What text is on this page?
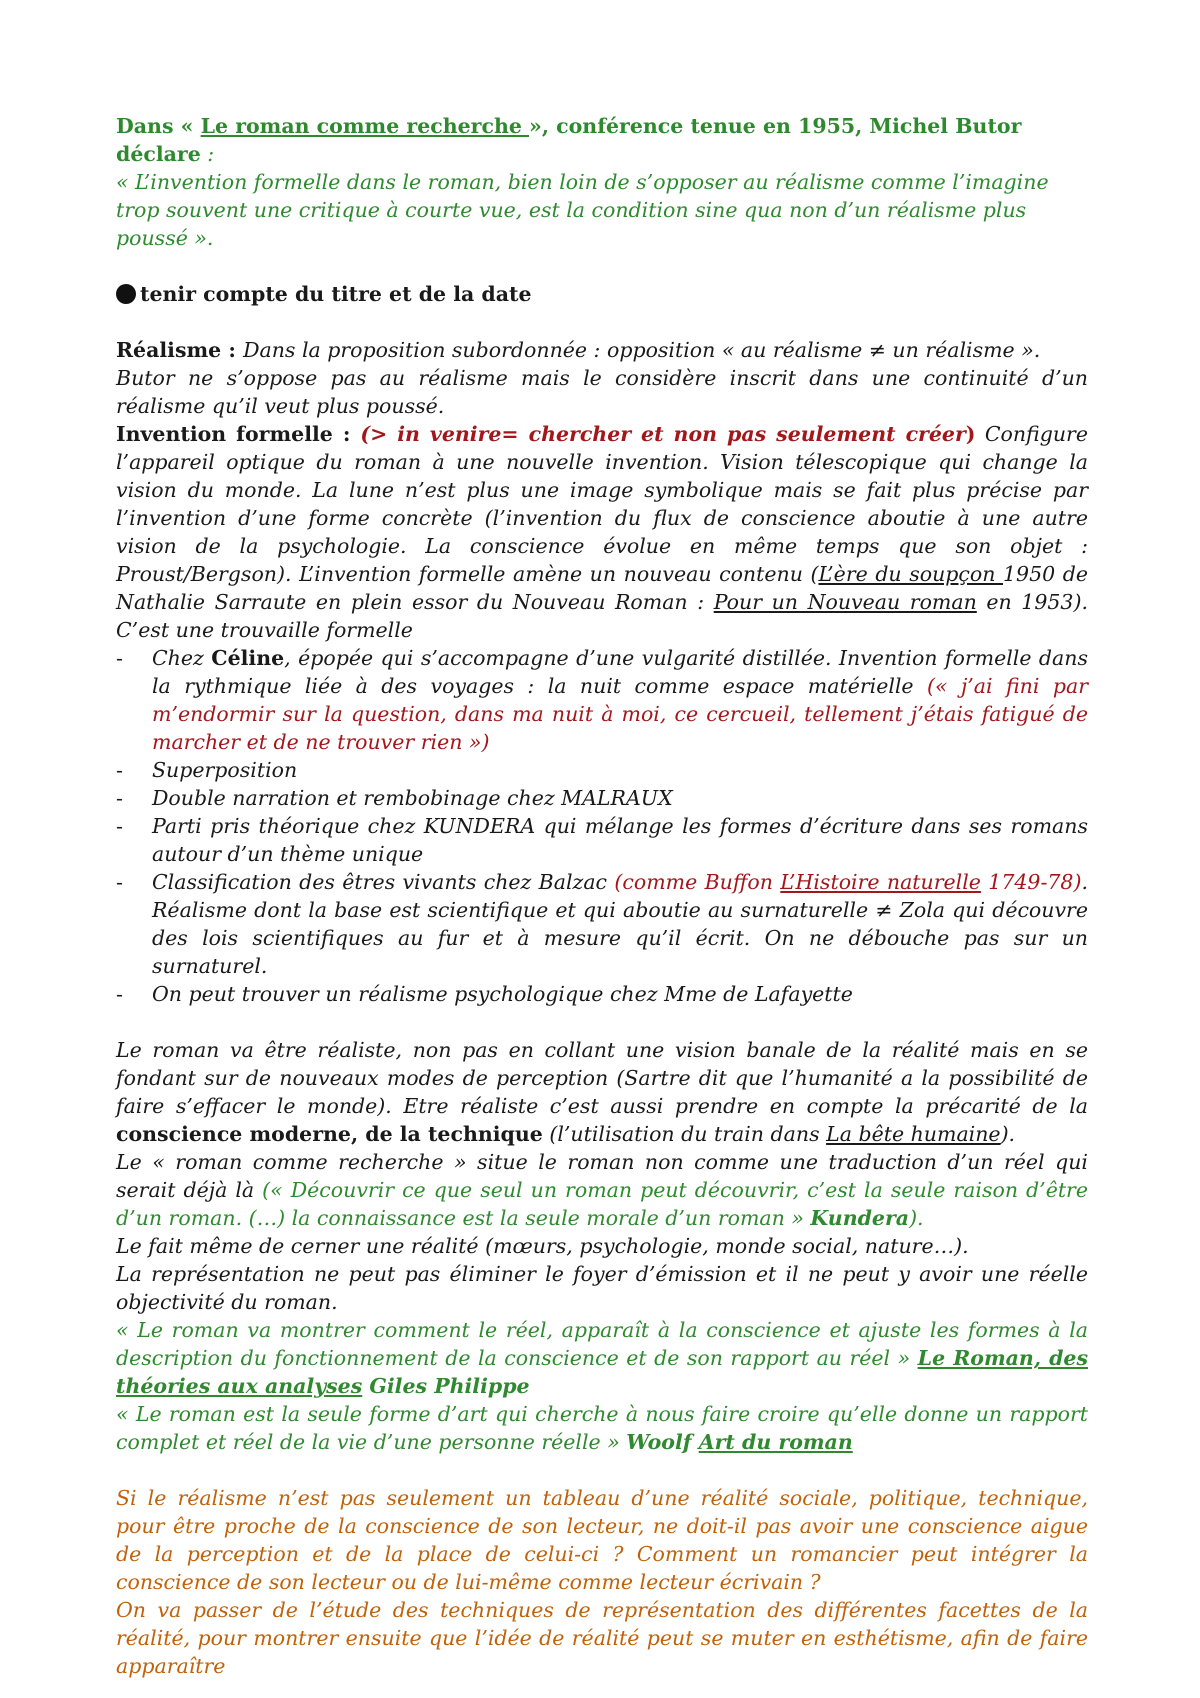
Dans « Le roman comme recherche », conférence tenue en 1955, Michel Butor déclare :

« L’invention formelle dans le roman, bien loin de s’opposer au réalisme comme l’imagine trop souvent une critique à courte vue, est la condition sine qua non d’un réalisme plus poussé ».

tenir compte du titre et de la date

Réalisme : Dans la proposition subordonnée : opposition « au réalisme ≠ un réalisme ».

Butor ne s’oppose pas au réalisme mais le considère inscrit dans une continuité d’un réalisme qu’il veut plus poussé.

Invention formelle : (> in venire= chercher et non pas seulement créer) Configure l’appareil optique du roman à une nouvelle invention. Vision télescopique qui change la vision du monde. La lune n’est plus une image symbolique mais se fait plus précise par l’invention d’une forme concrète (l’invention du flux de conscience aboutie à une autre vision de la psychologie. La conscience évolue en même temps que son objet : Proust/Bergson). L’invention formelle amène un nouveau contenu (L’ère du soupçon 1950 de Nathalie Sarraute en plein essor du Nouveau Roman : Pour un Nouveau roman en 1953). C’est une trouvaille formelle

- Chez Céline, épopée qui s’accompagne d’une vulgarité distillée. Invention formelle dans la rythmique liée à des voyages : la nuit comme espace matérielle (« j’ai fini par m’endormir sur la question, dans ma nuit à moi, ce cercueil, tellement j’étais fatigué de marcher et de ne trouver rien »)
- Superposition
- Double narration et rembobinage chez MALRAUX
- Parti pris théorique chez KUNDERA qui mélange les formes d’écriture dans ses romans autour d’un thème unique
- Classification des êtres vivants chez Balzac (comme Buffon L’Histoire naturelle 1749-78). Réalisme dont la base est scientifique et qui aboutie au surnaturelle ≠ Zola qui découvre des lois scientifiques au fur et à mesure qu’il écrit. On ne débouche pas sur un surnaturel.
- On peut trouver un réalisme psychologique chez Mme de Lafayette

Le roman va être réaliste, non pas en collant une vision banale de la réalité mais en se fondant sur de nouveaux modes de perception (Sartre dit que l’humanité a la possibilité de faire s’effacer le monde). Etre réaliste c’est aussi prendre en compte la précarité de la conscience moderne, de la technique (l’utilisation du train dans La bête humaine).

Le « roman comme recherche » situe le roman non comme une traduction d’un réel qui serait déjà là (« Découvrir ce que seul un roman peut découvrir, c’est la seule raison d’être d’un roman. (…) la connaissance est la seule morale d’un roman » Kundera).

Le fait même de cerner une réalité (mœurs, psychologie, monde social, nature…).

La représentation ne peut pas éliminer le foyer d’émission et il ne peut y avoir une réelle objectivité du roman.

« Le roman va montrer comment le réel, apparaît à la conscience et ajuste les formes à la description du fonctionnement de la conscience et de son rapport au réel » Le Roman, des théories aux analyses Giles Philippe

« Le roman est la seule forme d’art qui cherche à nous faire croire qu’elle donne un rapport complet et réel de la vie d’une personne réelle » Woolf Art du roman

Si le réalisme n’est pas seulement un tableau d’une réalité sociale, politique, technique, pour être proche de la conscience de son lecteur, ne doit-il pas avoir une conscience aigue de la perception et de la place de celui-ci ? Comment un romancier peut intégrer la conscience de son lecteur ou de lui-même comme lecteur écrivain ?

On va passer de l’étude des techniques de représentation des différentes facettes de la réalité, pour montrer ensuite que l’idée de réalité peut se muter en esthétisme, afin de faire apparaître
